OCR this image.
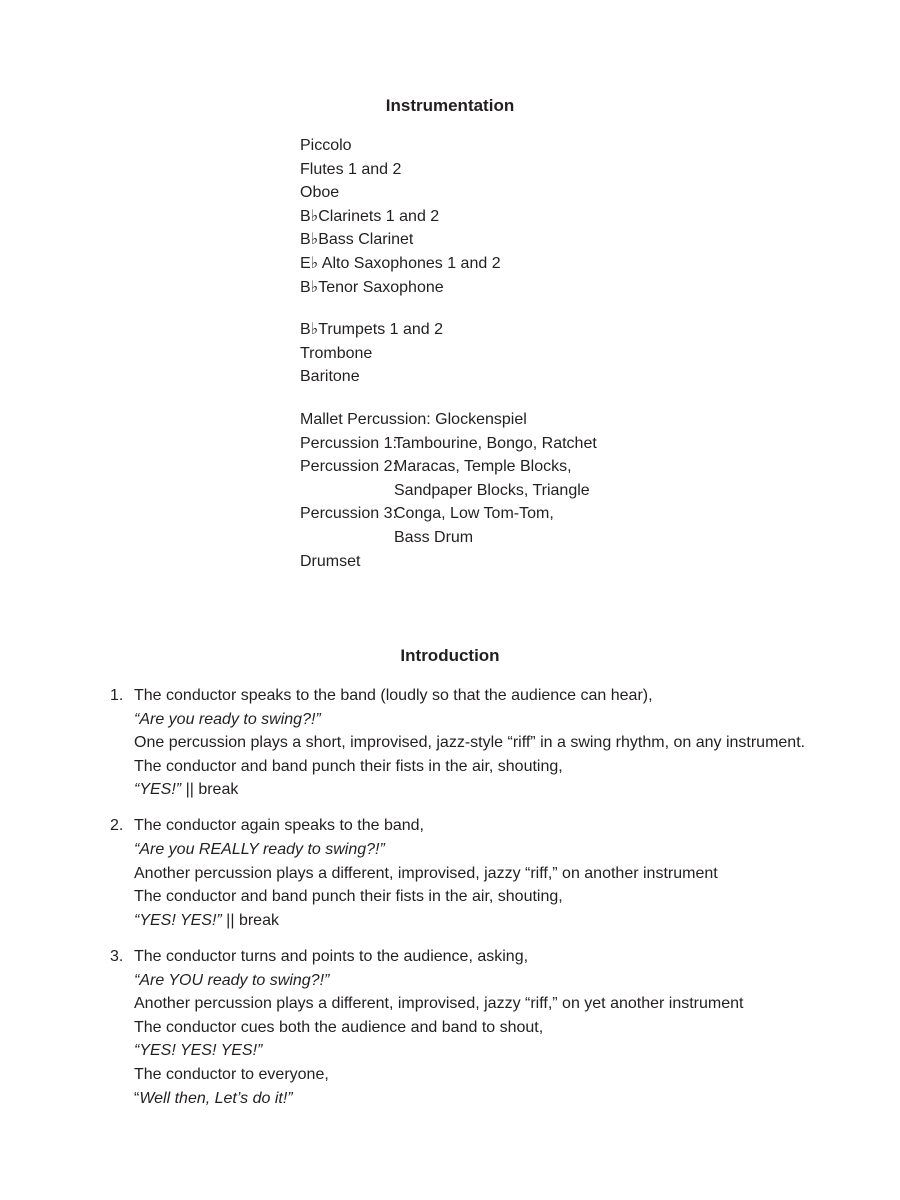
Instrumentation
Piccolo
Flutes 1 and 2
Oboe
B♭Clarinets 1 and 2
B♭Bass Clarinet
E♭ Alto Saxophones 1 and 2
B♭Tenor Saxophone
B♭Trumpets 1 and 2
Trombone
Baritone
Mallet Percussion: Glockenspiel
Percussion 1:
Tambourine, Bongo, Ratchet
Percussion 2:
Maracas, Temple Blocks,
Sandpaper Blocks, Triangle
Percussion 3:
Conga, Low Tom-Tom,
Bass Drum
Drumset
Introduction
1. The conductor speaks to the band (loudly so that the audience can hear),
“Are you ready to swing?!”
One percussion plays a short, improvised, jazz-style “riff” in a swing rhythm, on any instrument.
The conductor and band punch their fists in the air, shouting,
“YES!” || break
2. The conductor again speaks to the band,
“Are you REALLY ready to swing?!”
Another percussion plays a different, improvised, jazzy “riff,” on another instrument
The conductor and band punch their fists in the air, shouting,
“YES! YES!” || break
3. The conductor turns and points to the audience, asking,
“Are YOU ready to swing?!”
Another percussion plays a different, improvised, jazzy “riff,” on yet another instrument
The conductor cues both the audience and band to shout,
“YES! YES! YES!”
The conductor to everyone,
“Well then, Let’s do it!”
